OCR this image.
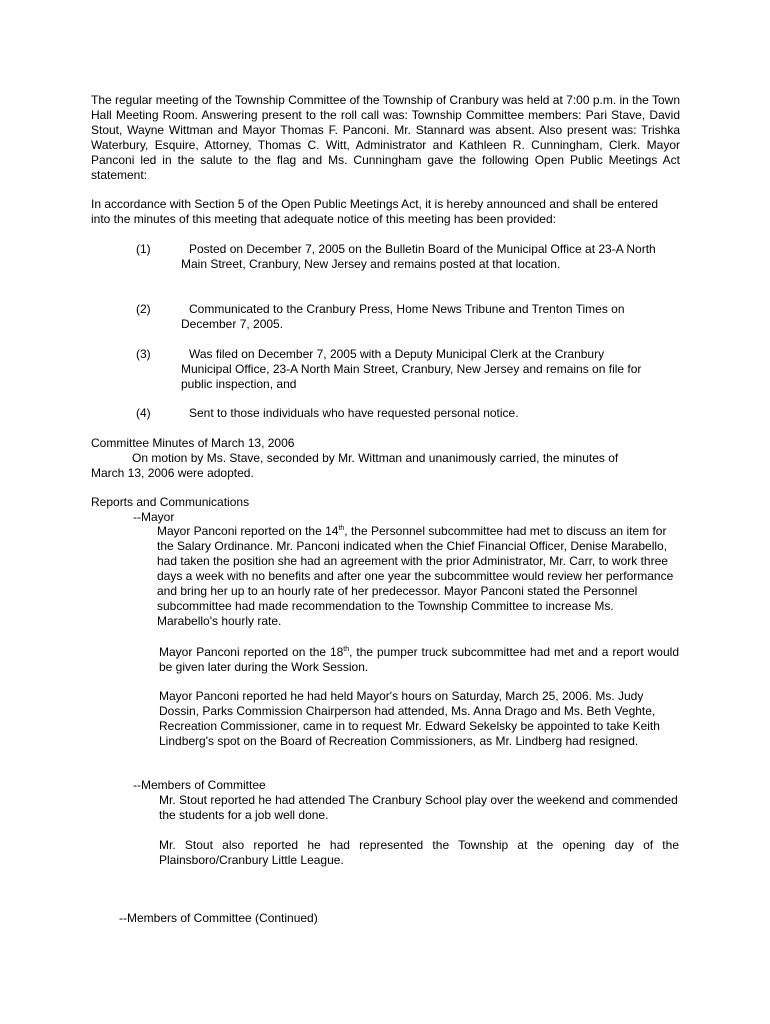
The regular meeting of the Township Committee of the Township of Cranbury was held at 7:00 p.m. in the Town Hall Meeting Room. Answering present to the roll call was: Township Committee members: Pari Stave, David Stout, Wayne Wittman and Mayor Thomas F. Panconi. Mr. Stannard was absent. Also present was: Trishka Waterbury, Esquire, Attorney, Thomas C. Witt, Administrator and Kathleen R. Cunningham, Clerk. Mayor Panconi led in the salute to the flag and Ms. Cunningham gave the following Open Public Meetings Act statement:

In accordance with Section 5 of the Open Public Meetings Act, it is hereby announced and shall be entered into the minutes of this meeting that adequate notice of this meeting has been provided:

(1)	Posted on December 7, 2005 on the Bulletin Board of the Municipal Office at 23-A North Main Street, Cranbury, New Jersey and remains posted at that location.
(2)	Communicated to the Cranbury Press, Home News Tribune and Trenton Times on December 7, 2005.
(3)	Was filed on December 7, 2005 with a Deputy Municipal Clerk at the Cranbury Municipal Office, 23-A North Main Street, Cranbury, New Jersey and remains on file for public inspection, and
(4)	Sent to those individuals who have requested personal notice.
Committee Minutes of March 13, 2006
On motion by Ms. Stave, seconded by Mr. Wittman and unanimously carried, the minutes of March 13, 2006 were adopted.
Reports and Communications
--Mayor

Mayor Panconi reported on the 14th, the Personnel subcommittee had met to discuss an item for the Salary Ordinance. Mr. Panconi indicated when the Chief Financial Officer, Denise Marabello, had taken the position she had an agreement with the prior Administrator, Mr. Carr, to work three days a week with no benefits and after one year the subcommittee would review her performance and bring her up to an hourly rate of her predecessor. Mayor Panconi stated the Personnel subcommittee had made recommendation to the Township Committee to increase Ms. Marabello's hourly rate.

Mayor Panconi reported on the 18th, the pumper truck subcommittee had met and a report would be given later during the Work Session.

Mayor Panconi reported he had held Mayor's hours on Saturday, March 25, 2006. Ms. Judy Dossin, Parks Commission Chairperson had attended, Ms. Anna Drago and Ms. Beth Veghte, Recreation Commissioner, came in to request Mr. Edward Sekelsky be appointed to take Keith Lindberg's spot on the Board of Recreation Commissioners, as Mr. Lindberg had resigned.

--Members of Committee

Mr. Stout reported he had attended The Cranbury School play over the weekend and commended the students for a job well done.

Mr. Stout also reported he had represented the Township at the opening day of the Plainsboro/Cranbury Little League.

--Members of Committee (Continued)
